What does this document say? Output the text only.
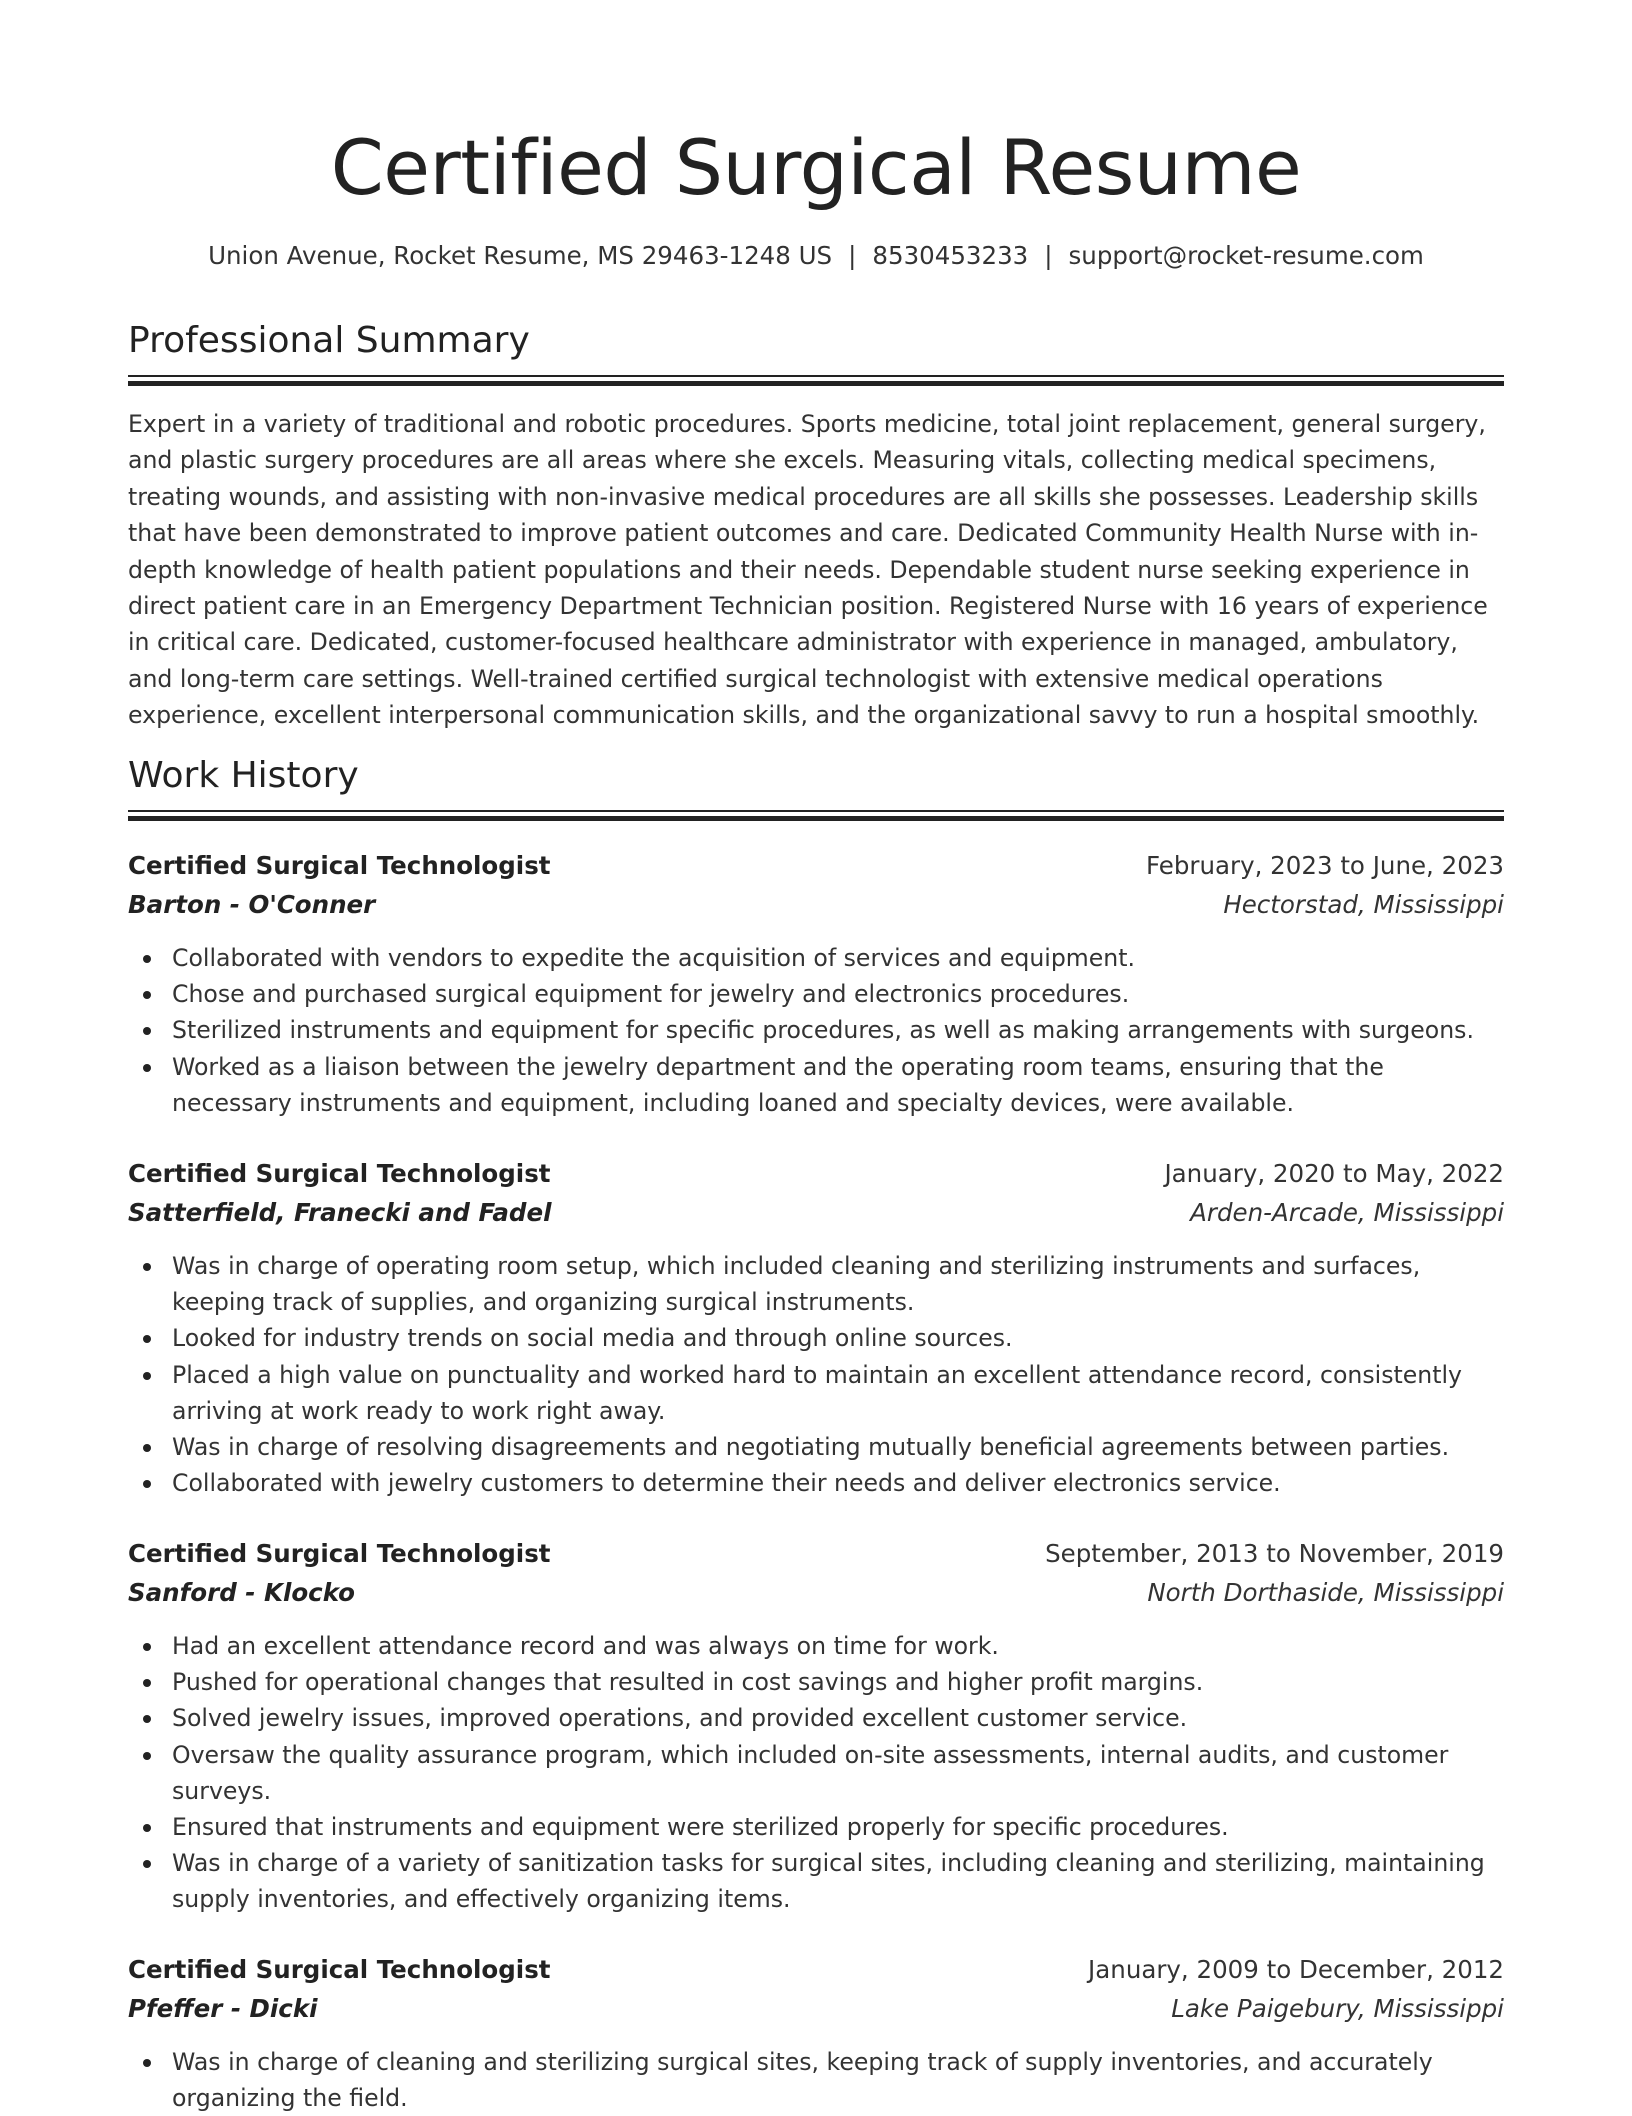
Certified Surgical Resume
Union Avenue, Rocket Resume, MS 29463-1248 US | 8530453233 | support@rocket-resume.com
Professional Summary

Expert in a variety of traditional and robotic procedures. Sports medicine, total joint replacement, general surgery, and plastic surgery procedures are all areas where she excels. Measuring vitals, collecting medical specimens, treating wounds, and assisting with non-invasive medical procedures are all skills she possesses. Leadership skills that have been demonstrated to improve patient outcomes and care. Dedicated Community Health Nurse with in-depth knowledge of health patient populations and their needs. Dependable student nurse seeking experience in direct patient care in an Emergency Department Technician position. Registered Nurse with 16 years of experience in critical care. Dedicated, customer-focused healthcare administrator with experience in managed, ambulatory, and long-term care settings. Well-trained certified surgical technologist with extensive medical operations experience, excellent interpersonal communication skills, and the organizational savvy to run a hospital smoothly.

Work History
Certified Surgical Technologist	February, 2023 to June, 2023
Barton - O'Conner	Hectorstad, Mississippi
Collaborated with vendors to expedite the acquisition of services and equipment.
Chose and purchased surgical equipment for jewelry and electronics procedures.
Sterilized instruments and equipment for specific procedures, as well as making arrangements with surgeons.
Worked as a liaison between the jewelry department and the operating room teams, ensuring that the necessary instruments and equipment, including loaned and specialty devices, were available.
Certified Surgical Technologist	January, 2020 to May, 2022
Satterfield, Franecki and Fadel	Arden-Arcade, Mississippi
Was in charge of operating room setup, which included cleaning and sterilizing instruments and surfaces, keeping track of supplies, and organizing surgical instruments.
Looked for industry trends on social media and through online sources.
Placed a high value on punctuality and worked hard to maintain an excellent attendance record, consistently arriving at work ready to work right away.
Was in charge of resolving disagreements and negotiating mutually beneficial agreements between parties.
Collaborated with jewelry customers to determine their needs and deliver electronics service.
Certified Surgical Technologist	September, 2013 to November, 2019
Sanford - Klocko	North Dorthaside, Mississippi
Had an excellent attendance record and was always on time for work.
Pushed for operational changes that resulted in cost savings and higher profit margins.
Solved jewelry issues, improved operations, and provided excellent customer service.
Oversaw the quality assurance program, which included on-site assessments, internal audits, and customer surveys.
Ensured that instruments and equipment were sterilized properly for specific procedures.
Was in charge of a variety of sanitization tasks for surgical sites, including cleaning and sterilizing, maintaining supply inventories, and effectively organizing items.
Certified Surgical Technologist	January, 2009 to December, 2012
Pfeffer - Dicki	Lake Paigebury, Mississippi
Was in charge of cleaning and sterilizing surgical sites, keeping track of supply inventories, and accurately organizing the field.
